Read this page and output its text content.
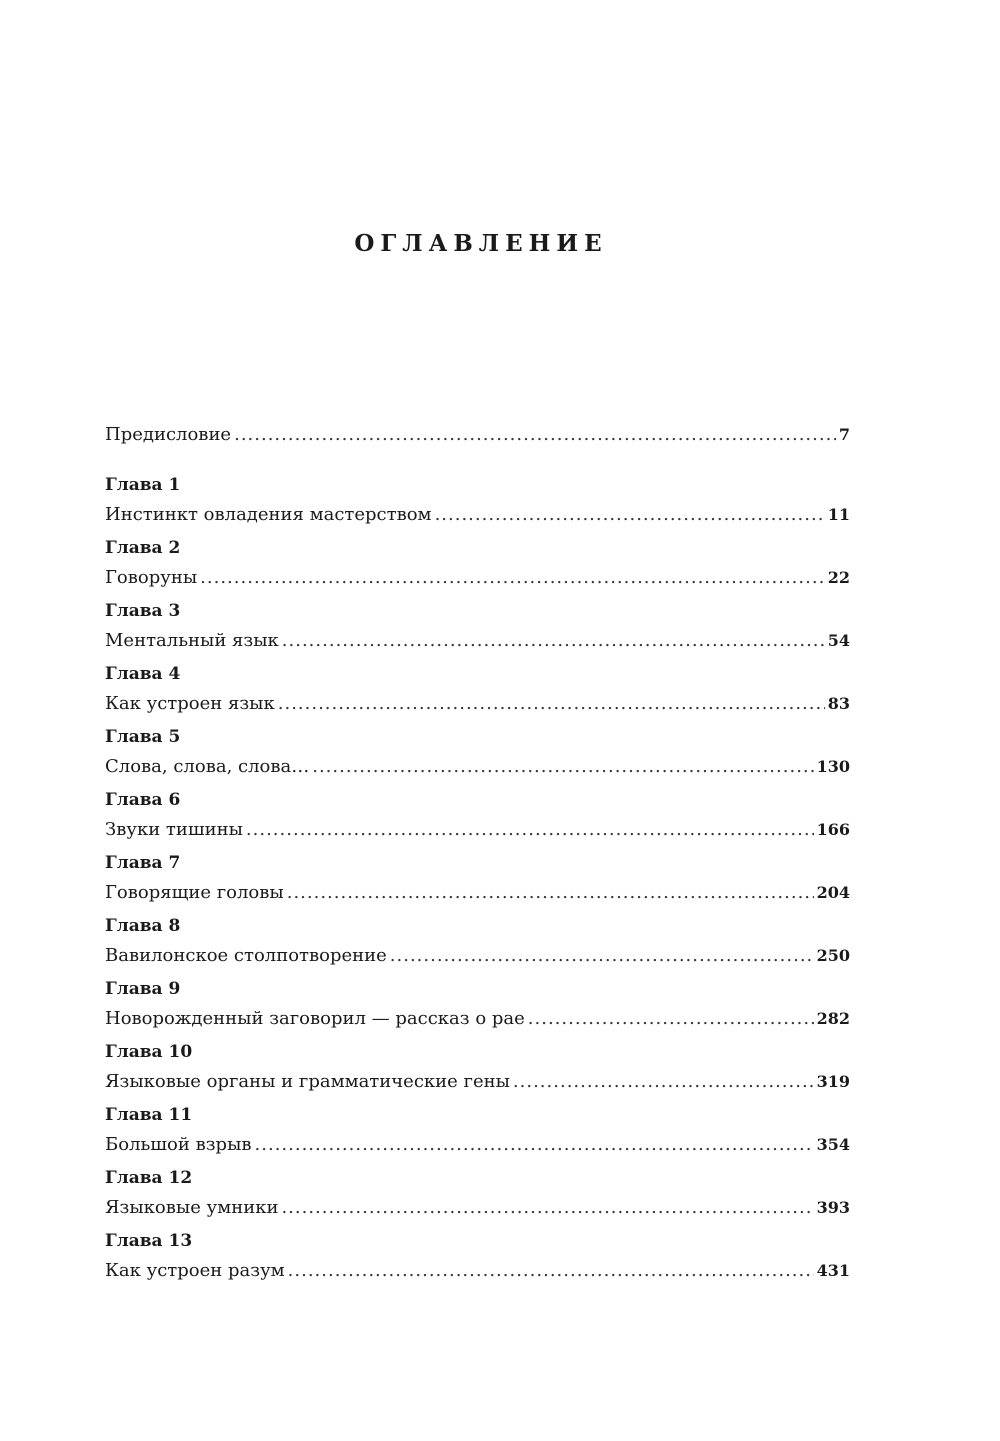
ОГЛАВЛЕНИЕ
Предисловие .....	7
Глава 1
Инстинкт овладения мастерством .....	11
Глава 2
Говоруны .....	22
Глава 3
Ментальный язык .....	54
Глава 4
Как устроен язык .....	83
Глава 5
Слова, слова, слова… .....	130
Глава 6
Звуки тишины .....	166
Глава 7
Говорящие головы .....	204
Глава 8
Вавилонское столпотворение .....	250
Глава 9
Новорожденный заговорил — рассказ о рае .....	282
Глава 10
Языковые органы и грамматические гены .....	319
Глава 11
Большой взрыв .....	354
Глава 12
Языковые умники .....	393
Глава 13
Как устроен разум .....	431
